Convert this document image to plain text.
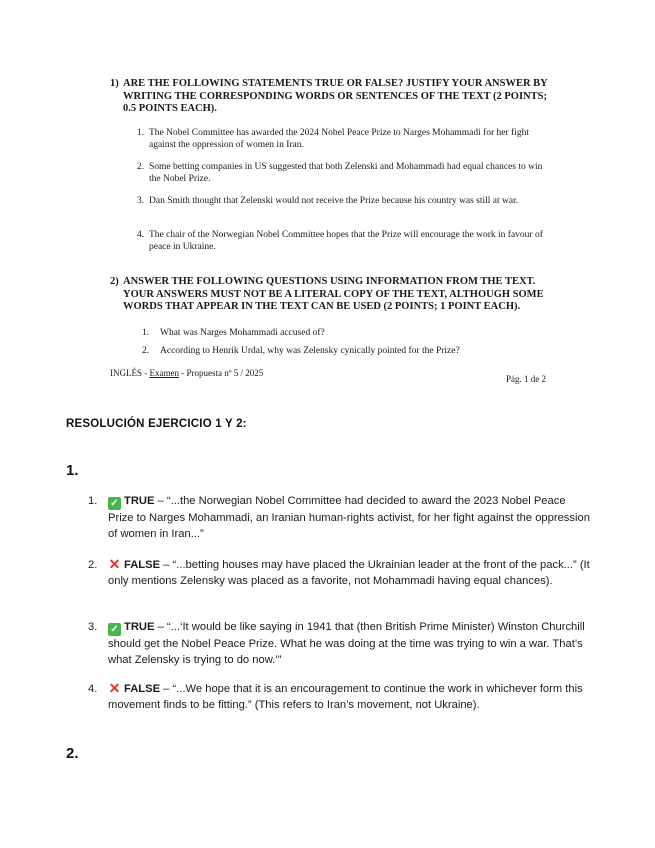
1) ARE THE FOLLOWING STATEMENTS TRUE OR FALSE? JUSTIFY YOUR ANSWER BY WRITING THE CORRESPONDING WORDS OR SENTENCES OF THE TEXT (2 POINTS; 0.5 POINTS EACH).
1. The Nobel Committee has awarded the 2024 Nobel Peace Prize to Narges Mohammadi for her fight against the oppression of women in Iran.
2. Some betting companies in US suggested that both Zelenski and Mohammadi had equal chances to win the Nobel Prize.
3. Dan Smith thought that Zelenski would not receive the Prize because his country was still at war.
4. The chair of the Norwegian Nobel Committee hopes that the Prize will encourage the work in favour of peace in Ukraine.
2) ANSWER THE FOLLOWING QUESTIONS USING INFORMATION FROM THE TEXT. YOUR ANSWERS MUST NOT BE A LITERAL COPY OF THE TEXT, ALTHOUGH SOME WORDS THAT APPEAR IN THE TEXT CAN BE USED (2 POINTS; 1 POINT EACH).
1.	What was Narges Mohammadi accused of?
2.	According to Henrik Urdal, why was Zelensky cynically pointed for the Prize?
INGLÉS - Examen - Propuesta nº 5 / 2025
Pág. 1 de 2
RESOLUCIÓN EJERCICIO 1 Y 2:
1.
1.	✓ TRUE – “...the Norwegian Nobel Committee had decided to award the 2023 Nobel Peace Prize to Narges Mohammadi, an Iranian human-rights activist, for her fight against the oppression of women in Iran...”
2. ✕ FALSE – “...betting houses may have placed the Ukrainian leader at the front of the pack...” (It only mentions Zelensky was placed as a favorite, not Mohammadi having equal chances).
3.	✓ TRUE – “...‘It would be like saying in 1941 that (then British Prime Minister) Winston Churchill should get the Nobel Peace Prize. What he was doing at the time was trying to win a war. That’s what Zelensky is trying to do now.’”
4. ✕ FALSE – “...We hope that it is an encouragement to continue the work in whichever form this movement finds to be fitting.” (This refers to Iran’s movement, not Ukraine).
2.
